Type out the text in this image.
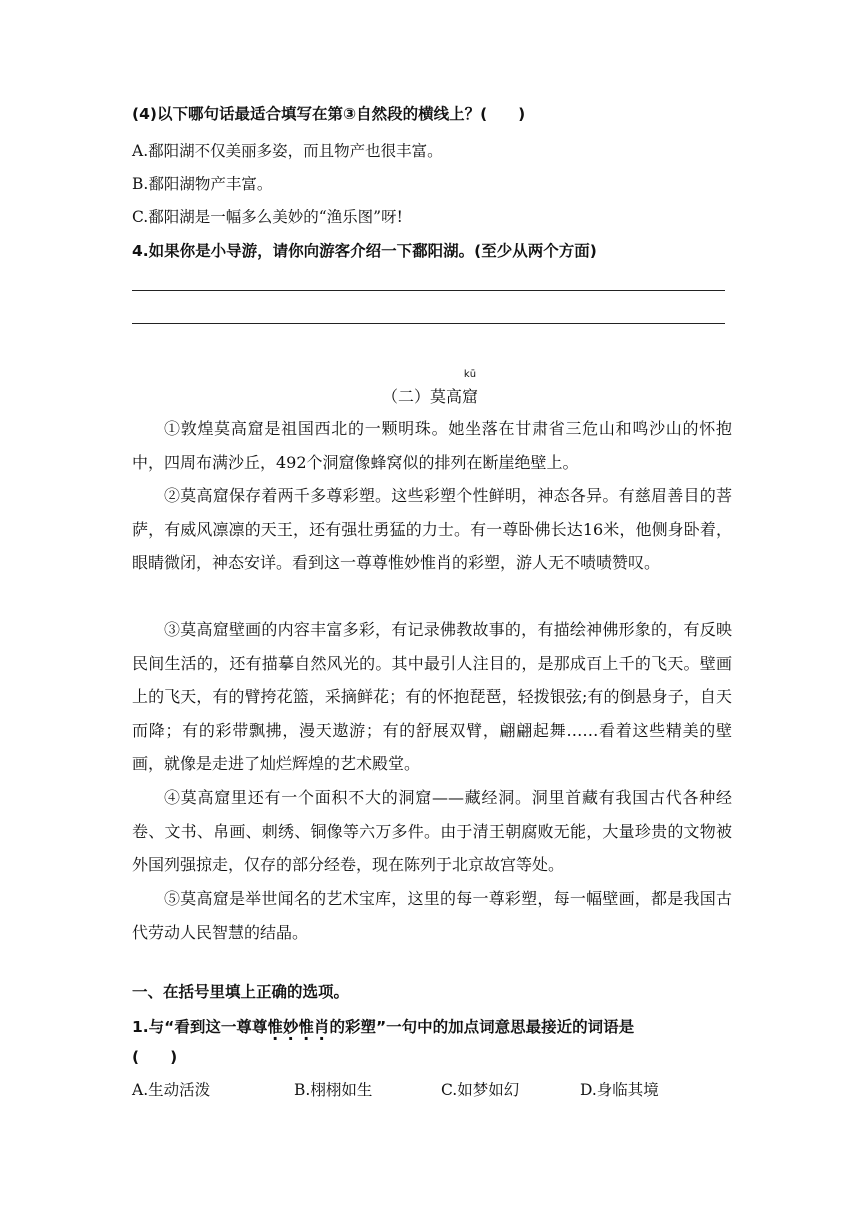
(4)以下哪句话最适合填写在第③自然段的横线上？(　　)
A.鄱阳湖不仅美丽多姿，而且物产也很丰富。
B.鄱阳湖物产丰富。
C.鄱阳湖是一幅多么美妙的“渔乐图”呀!
4.如果你是小导游，请你向游客介绍一下鄱阳湖。(至少从两个方面)
（二）莫高
kū
窟
①敦煌莫高窟是祖国西北的一颗明珠。她坐落在甘肃省三危山和鸣沙山的怀抱中，四周布满沙丘，492个洞窟像蜂窝似的排列在断崖绝壁上。
②莫高窟保存着两千多尊彩塑。这些彩塑个性鲜明，神态各异。有慈眉善目的菩萨，有威风凛凛的天王，还有强壮勇猛的力士。有一尊卧佛长达16米，他侧身卧着，眼睛微闭，神态安详。看到这一尊尊惟妙惟肖的彩塑，游人无不啧啧赞叹。
③莫高窟壁画的内容丰富多彩，有记录佛教故事的，有描绘神佛形象的，有反映民间生活的，还有描摹自然风光的。其中最引人注目的，是那成百上千的飞天。壁画上的飞天，有的臂挎花篮，采摘鲜花；有的怀抱琵琶，轻拨银弦;有的倒悬身子，自天而降；有的彩带飘拂，漫天遨游；有的舒展双臂，翩翩起舞……看着这些精美的壁画，就像是走进了灿烂辉煌的艺术殿堂。
④莫高窟里还有一个面积不大的洞窟——藏经洞。洞里首藏有我国古代各种经卷、文书、帛画、刺绣、铜像等六万多件。由于清王朝腐败无能，大量珍贵的文物被外国列强掠走，仅存的部分经卷，现在陈列于北京故宫等处。
⑤莫高窟是举世闻名的艺术宝库，这里的每一尊彩塑，每一幅壁画，都是我国古代劳动人民智慧的结晶。
一、在括号里填上正确的选项。
1.与“看到这一尊尊惟妙惟肖的彩塑”一句中的加点词意思最接近的词语是
(　　)
A.生动活泼	B.栩栩如生	C.如梦如幻	D.身临其境
